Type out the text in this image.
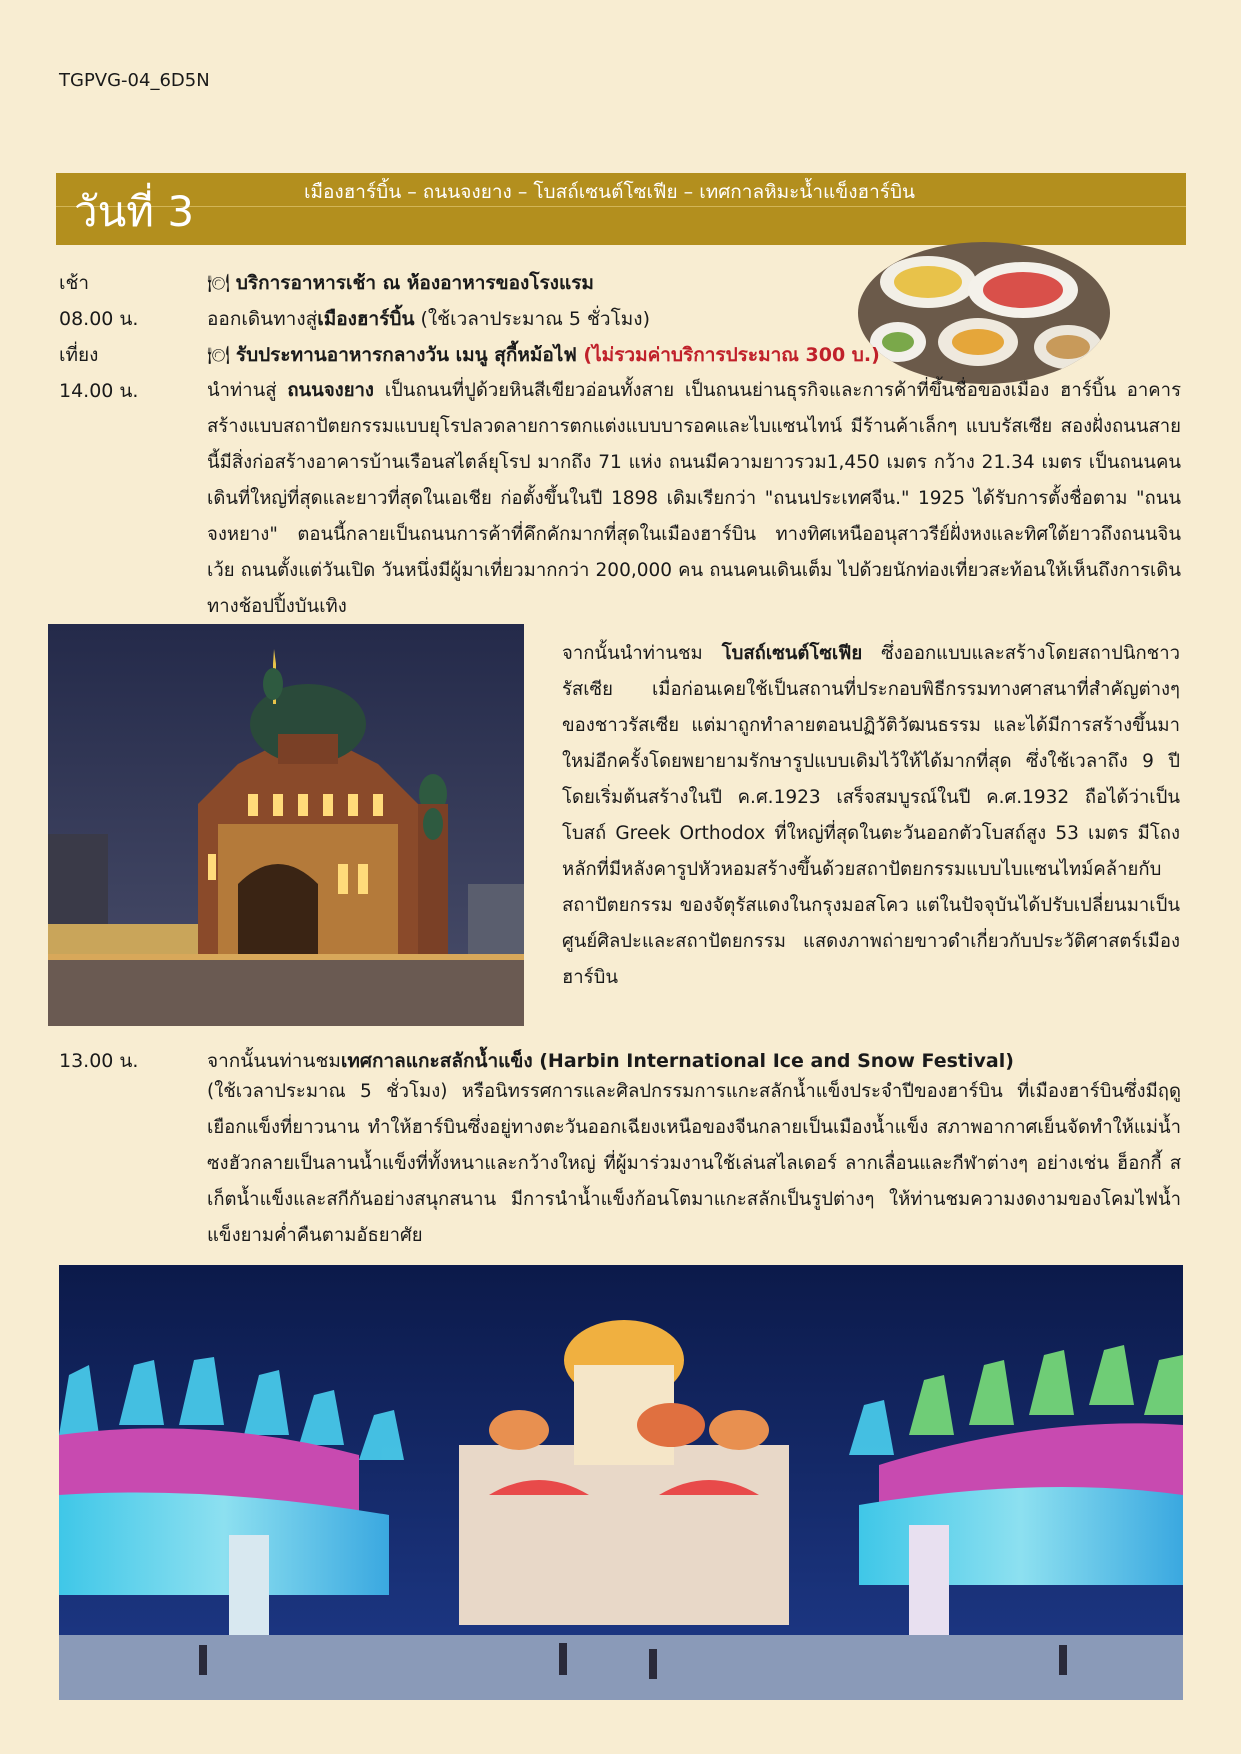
TGPVG-04_6D5N
วันที่ 3	เมืองฮาร์บิ้น – ถนนจงยาง – โบสถ์เซนต์โซเฟีย – เทศกาลหิมะน้ำแข็งฮาร์บิน
เช้า	🍽 บริการอาหารเช้า ณ ห้องอาหารของโรงแรม
08.00 น.	ออกเดินทางสู่เมืองฮาร์บิ้น (ใช้เวลาประมาณ 5 ชั่วโมง)
เที่ยง	🍽 รับประทานอาหารกลางวัน เมนู สุกี้หม้อไฟ (ไม่รวมค่าบริการประมาณ 300 บ.)
14.00 น.	นำท่านสู่ ถนนจงยาง เป็นถนนที่ปูด้วยหินสีเขียวอ่อนทั้งสาย เป็นถนนย่านธุรกิจและการค้าที่ขึ้นชื่อของเมือง ฮาร์บิ้น อาคารสร้างแบบสถาปัตยกรรมแบบยุโรปลวดลายการตกแต่งแบบบารอคและไบแซนไทน์ มีร้านค้าเล็กๆ แบบรัสเซีย สองฝั่งถนนสายนี้มีสิ่งก่อสร้างอาคารบ้านเรือนสไตล์ยุโรป มากถึง 71 แห่ง ถนนมีความยาวรวม1,450 เมตร กว้าง 21.34 เมตร เป็นถนนคนเดินที่ใหญ่ที่สุดและยาวที่สุดในเอเชีย ก่อตั้งขึ้นในปี 1898 เดิมเรียกว่า "ถนนประเทศจีน." 1925 ได้รับการตั้งชื่อตาม "ถนนจงหยาง" ตอนนี้กลายเป็นถนนการค้าที่คึกคักมากที่สุดในเมืองฮาร์บิน ทางทิศเหนืออนุสาวรีย์ฝั่งหงและทิศใต้ยาวถึงถนนจินเว้ย ถนนตั้งแต่วันเปิด วันหนึ่งมีผู้มาเที่ยวมากกว่า 200,000 คน ถนนคนเดินเต็ม ไปด้วยนักท่องเที่ยวสะท้อนให้เห็นถึงการเดินทางช้อปปิ้งบันเทิง

จากนั้นนำท่านชม โบสถ์เซนต์โซเฟีย ซึ่งออกแบบและสร้างโดยสถาปนิกชาวรัสเซีย เมื่อก่อนเคยใช้เป็นสถานที่ประกอบพิธีกรรมทางศาสนาที่สำคัญต่างๆ ของชาวรัสเซีย แต่มาถูกทำลายตอนปฏิวัติวัฒนธรรม และได้มีการสร้างขึ้นมาใหม่อีกครั้งโดยพยายามรักษารูปแบบเดิมไว้ให้ได้มากที่สุด ซึ่งใช้เวลาถึง 9 ปี โดยเริ่มต้นสร้างในปี ค.ศ.1923 เสร็จสมบูรณ์ในปี ค.ศ.1932 ถือได้ว่าเป็นโบสถ์ Greek Orthodox ที่ใหญ่ที่สุดในตะวันออกตัวโบสถ์สูง 53 เมตร มีโถงหลักที่มีหลังคารูปหัวหอมสร้างขึ้นด้วยสถาปัตยกรรมแบบไบแซนไทม์คล้ายกับสถาปัตยกรรม ของจัตุรัสแดงในกรุงมอสโคว แต่ในปัจจุบันได้ปรับเปลี่ยนมาเป็นศูนย์ศิลปะและสถาปัตยกรรม แสดงภาพถ่ายขาวดำเกี่ยวกับประวัติศาสตร์เมืองฮาร์บิน

13.00 น.	จากนั้นนท่านชมเทศกาลแกะสลักน้ำแข็ง (Harbin International Ice and Snow Festival)

(ใช้เวลาประมาณ 5 ชั่วโมง) หรือนิทรรศการและศิลปกรรมการแกะสลักน้ำแข็งประจำปีของฮาร์บิน ที่เมืองฮาร์บินซึ่งมีฤดูเยือกแข็งที่ยาวนาน ทำให้ฮาร์บินซึ่งอยู่ทางตะวันออกเฉียงเหนือของจีนกลายเป็นเมืองน้ำแข็ง สภาพอากาศเย็นจัดทำให้แม่น้ำซงฮัวกลายเป็นลานน้ำแข็งที่ทั้งหนาและกว้างใหญ่ ที่ผู้มาร่วมงานใช้เล่นสไลเดอร์ ลากเลื่อนและกีฬาต่างๆ อย่างเช่น ฮ็อกกี้ สเก็ตน้ำแข็งและสกีกันอย่างสนุกสนาน มีการนำน้ำแข็งก้อนโตมาแกะสลักเป็นรูปต่างๆ ให้ท่านชมความงดงามของโคมไฟน้ำแข็งยามค่ำคืนตามอัธยาศัย
